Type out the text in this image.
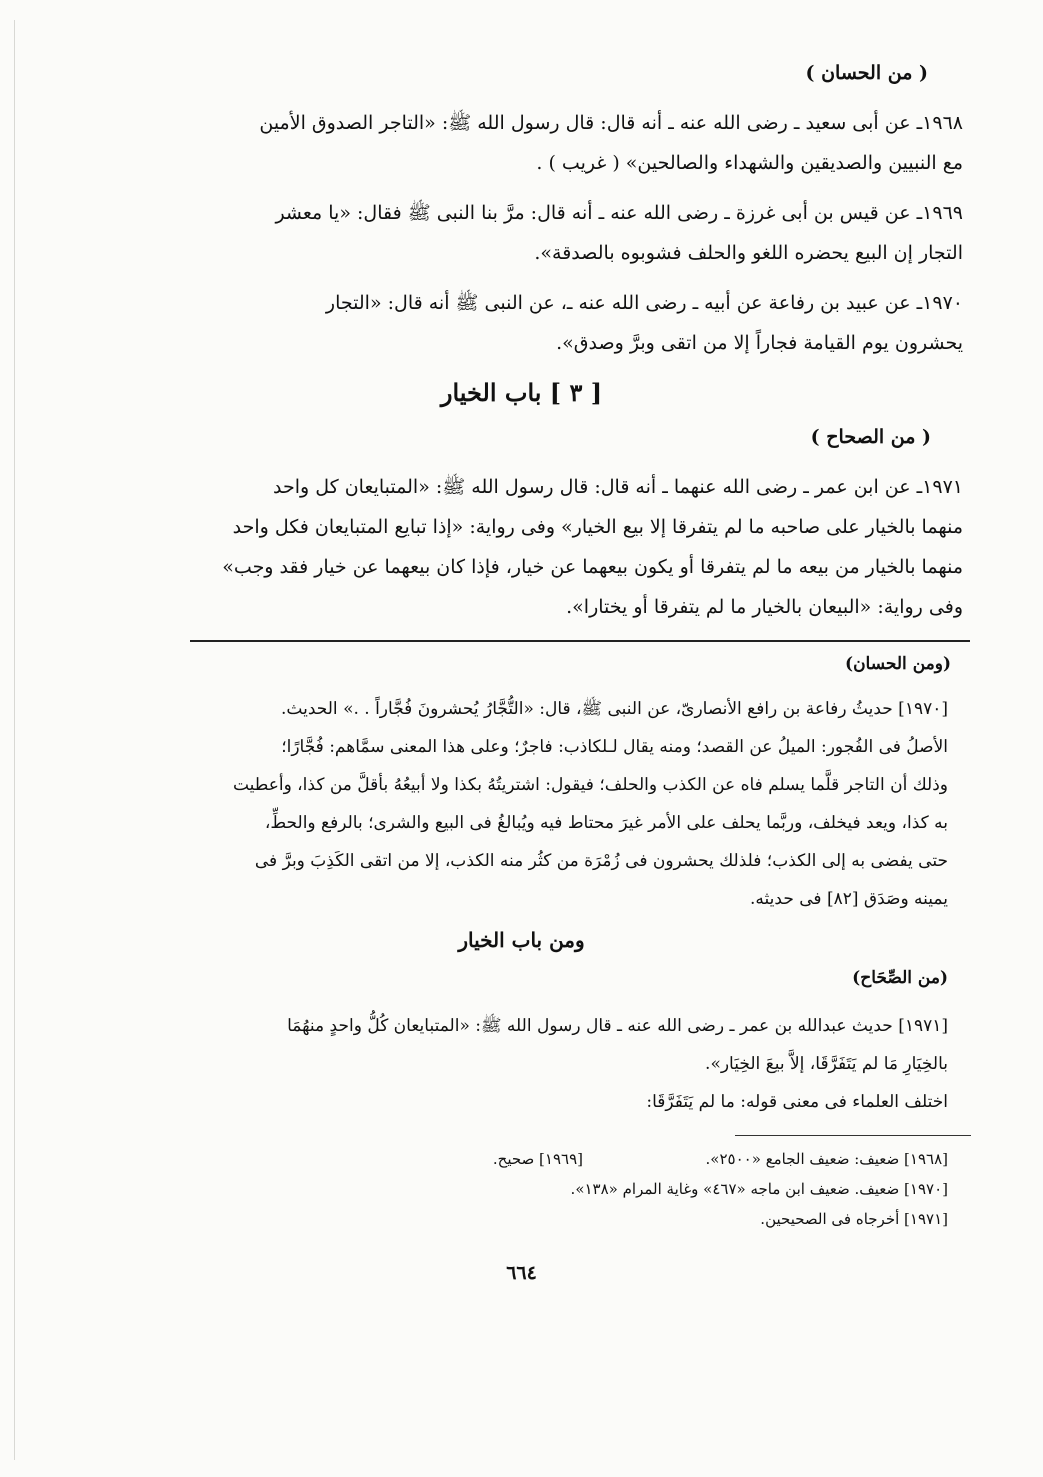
( من الحسان )
١٩٦٨ـ عن أبى سعيد ـ رضى الله عنه ـ أنه قال: قال رسول الله ﷺ: «التاجر الصدوق الأمين
مع النبيين والصديقين والشهداء والصالحين» ( غريب ) .
١٩٦٩ـ عن قيس بن أبى غرزة ـ رضى الله عنه ـ أنه قال: مرَّ بنا النبى ﷺ فقال: «يا معشر
التجار إن البيع يحضره اللغو والحلف فشوبوه بالصدقة».
١٩٧٠ـ عن عبيد بن رفاعة عن أبيه ـ رضى الله عنه ـ، عن النبى ﷺ أنه قال: «التجار
يحشرون يوم القيامة فجاراً إلا من اتقى وبرَّ وصدق».
[ ٣ ] باب الخيار
( من الصحاح )
١٩٧١ـ عن ابن عمر ـ رضى الله عنهما ـ أنه قال: قال رسول الله ﷺ: «المتبايعان كل واحد
منهما بالخيار على صاحبه ما لم يتفرقا إلا بيع الخيار» وفى رواية: «إذا تبايع المتبايعان فكل واحد
منهما بالخيار من بيعه ما لم يتفرقا أو يكون بيعهما عن خيار، فإذا كان بيعهما عن خيار فقد وجب»
وفى رواية: «البيعان بالخيار ما لم يتفرقا أو يختارا».
(ومن الحسان)
[١٩٧٠] حديثُ رفاعة بن رافع الأنصارىّ، عن النبى ﷺ، قال: «التُّجَّارُ يُحشرونَ فُجَّاراً . .» الحديث.
الأصلُ فى الفُجور: الميلُ عن القصد؛ ومنه يقال لـلكاذب: فاجرٌ؛ وعلى هذا المعنى سمَّاهم: فُجَّارًا؛
وذلك أن التاجر قلَّما يسلم فاه عن الكذب والحلف؛ فيقول: اشتريتُهُ بكذا ولا أبيعُهُ بأقلَّ من كذا، وأعطيت
به كذا، ويعد فيخلف، وربَّما يحلف على الأمر غيرَ محتاط فيه ويُبالغُ فى البيع والشرى؛ بالرفع والحطِّ،
حتى يفضى به إلى الكذب؛ فلذلك يحشرون فى زُمْرَة من كثُر منه الكذب، إلا من اتقى الكَذِبَ وبرَّ فى
يمينه وصَدَق [٨٢] فى حديثه.
ومن باب الخيار
(من الصِّحَاح)
[١٩٧١] حديث عبدالله بن عمر ـ رضى الله عنه ـ قال رسول الله ﷺ: «المتبايعان كُلُّ واحدٍ منهُمَا
بالخِيَارِ مَا لم يَتَفَرَّقَا، إلاَّ بيعَ الخِيَار».
اختلف العلماء فى معنى قوله: ما لم يَتَفَرَّقَا:
[١٩٦٨] ضعيف: ضعيف الجامع «٢٥٠٠».
[١٩٦٩] صحيح.
[١٩٧٠] ضعيف. ضعيف ابن ماجه «٤٦٧» وغاية المرام «١٣٨».
[١٩٧١] أخرجاه فى الصحيحين.
٦٦٤
